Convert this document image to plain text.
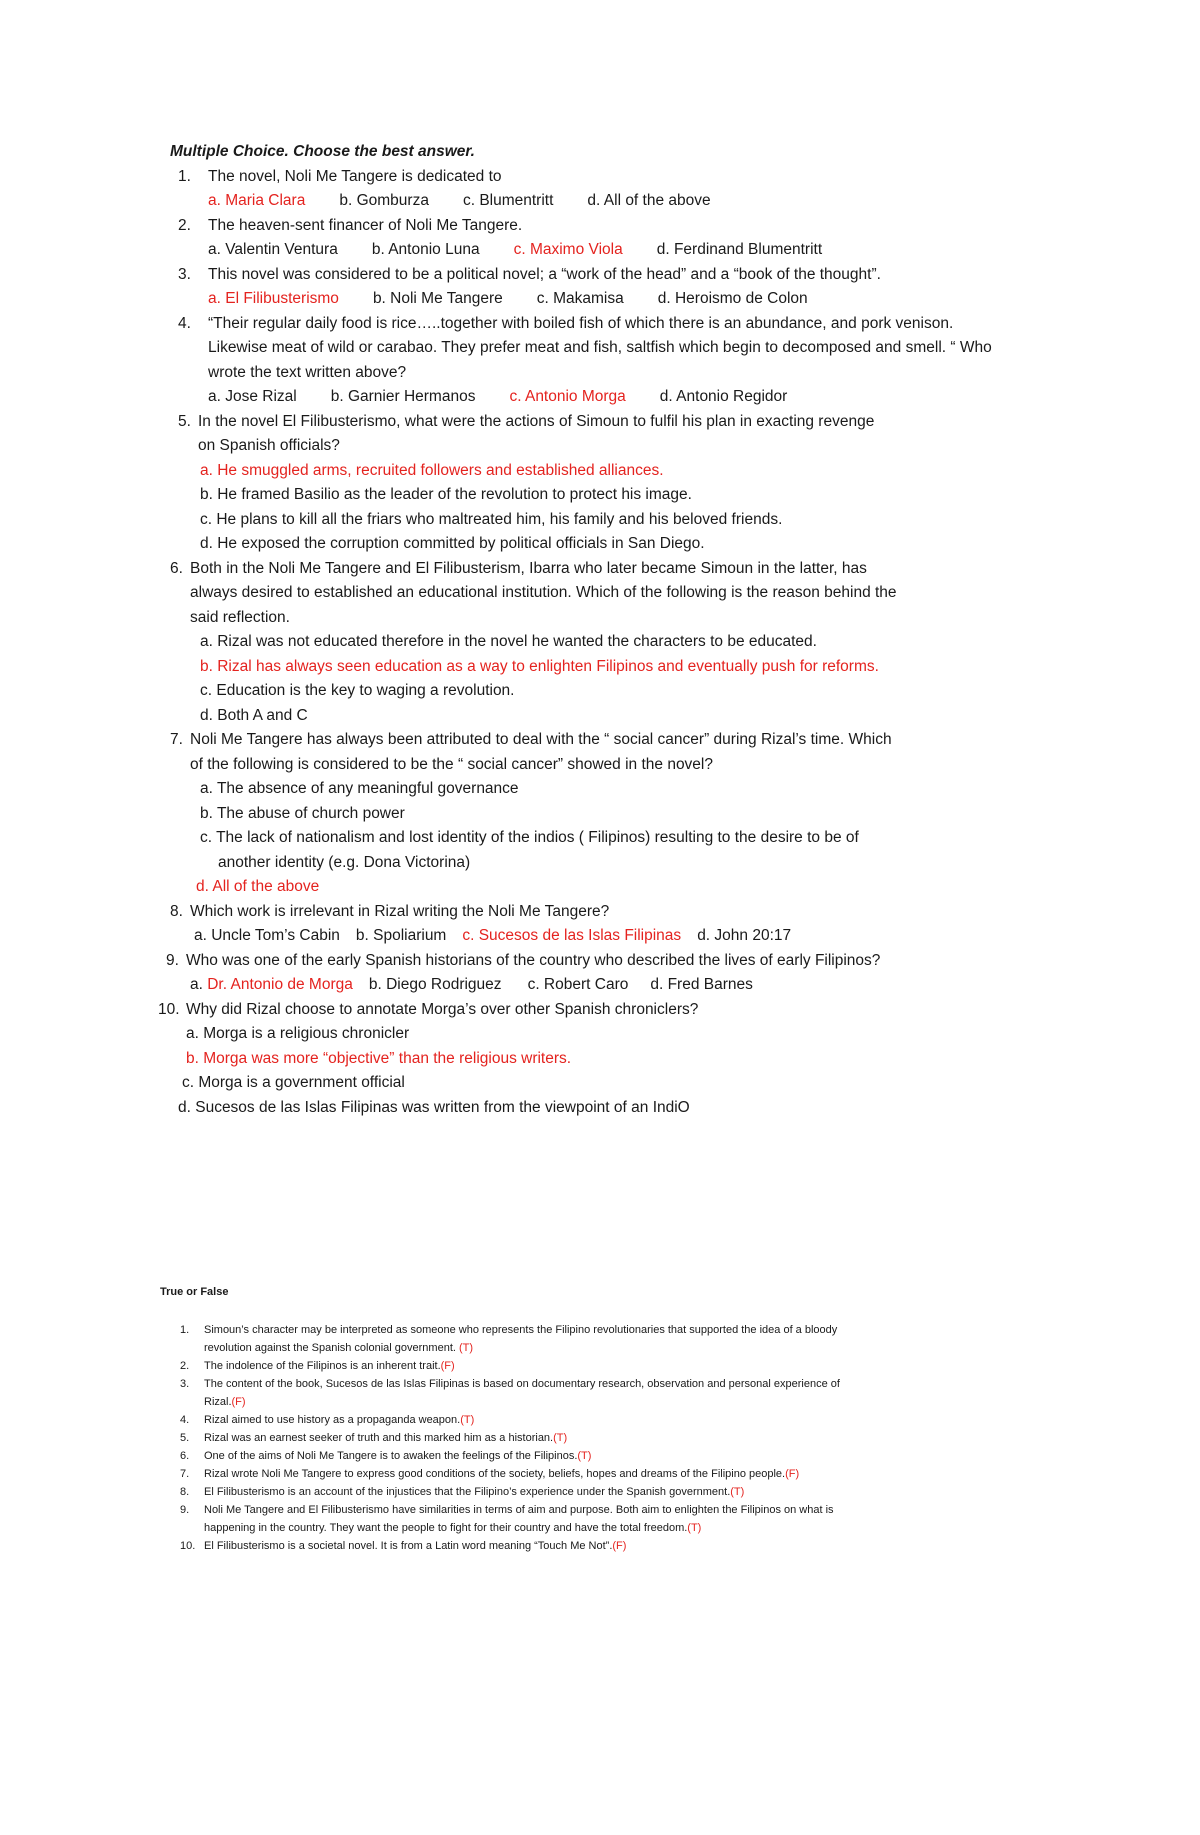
Multiple Choice. Choose the best answer.
1.	The novel, Noli Me Tangere is dedicated to
a. Maria Clara b. Gomburza c. Blumentritt d. All of the above
2.	The heaven-sent financer of Noli Me Tangere.
a. Valentin Ventura b. Antonio Luna c. Maximo Viola d. Ferdinand Blumentritt
3.	This novel was considered to be a political novel; a “work of the head” and a “book of the thought”.
a. El Filibusterismo b. Noli Me Tangere c. Makamisa d. Heroismo de Colon
4.	“Their regular daily food is rice…..together with boiled fish of which there is an abundance, and pork venison. Likewise meat of wild or carabao. They prefer meat and fish, saltfish which begin to decomposed and smell. “ Who wrote the text written above?
a. Jose Rizal b. Garnier Hermanos c. Antonio Morga d. Antonio Regidor
5. In the novel El Filibusterismo, what were the actions of Simoun to fulfil his plan in exacting revenge on Spanish officials?
a. He smuggled arms, recruited followers and established alliances.
b. He framed Basilio as the leader of the revolution to protect his image.
c. He plans to kill all the friars who maltreated him, his family and his beloved friends.
d. He exposed the corruption committed by political officials in San Diego.
6. Both in the Noli Me Tangere and El Filibusterism, Ibarra who later became Simoun in the latter, has always desired to established an educational institution. Which of the following is the reason behind the said reflection.
a. Rizal was not educated therefore in the novel he wanted the characters to be educated.
b. Rizal has always seen education as a way to enlighten Filipinos and eventually push for reforms.
c. Education is the key to waging a revolution.
d. Both A and C
7. Noli Me Tangere has always been attributed to deal with the “ social cancer” during Rizal’s time. Which of the following is considered to be the “ social cancer” showed in the novel?
a. The absence of any meaningful governance
b. The abuse of church power
c. The lack of nationalism and lost identity of the indios ( Filipinos) resulting to the desire to be of another identity (e.g. Dona Victorina)
d. All of the above
8. Which work is irrelevant in Rizal writing the Noli Me Tangere?
a. Uncle Tom’s Cabin b. Spoliarium c. Sucesos de las Islas Filipinas d. John 20:17
9. Who was one of the early Spanish historians of the country who described the lives of early Filipinos?
a. Dr. Antonio de Morga b. Diego Rodriguez c. Robert Caro d. Fred Barnes
10. Why did Rizal choose to annotate Morga’s over other Spanish chroniclers?
a. Morga is a religious chronicler
b. Morga was more “objective” than the religious writers.
c. Morga is a government official
d. Sucesos de las Islas Filipinas was written from the viewpoint of an IndiO
True or False
1.	Simoun’s character may be interpreted as someone who represents the Filipino revolutionaries that supported the idea of a bloody revolution against the Spanish colonial government. (T)
2.	The indolence of the Filipinos is an inherent trait.(F)
3.	The content of the book, Sucesos de las Islas Filipinas is based on documentary research, observation and personal experience of Rizal.(F)
4.	Rizal aimed to use history as a propaganda weapon.(T)
5.	Rizal was an earnest seeker of truth and this marked him as a historian.(T)
6.	One of the aims of Noli Me Tangere is to awaken the feelings of the Filipinos.(T)
7.	Rizal wrote Noli Me Tangere to express good conditions of the society, beliefs, hopes and dreams of the Filipino people.(F)
8.	El Filibusterismo is an account of the injustices that the Filipino’s experience under the Spanish government.(T)
9.	Noli Me Tangere and El Filibusterismo have similarities in terms of aim and purpose. Both aim to enlighten the Filipinos on what is happening in the country. They want the people to fight for their country and have the total freedom.(T)
10. El Filibusterismo is a societal novel. It is from a Latin word meaning “Touch Me Not”.(F)
